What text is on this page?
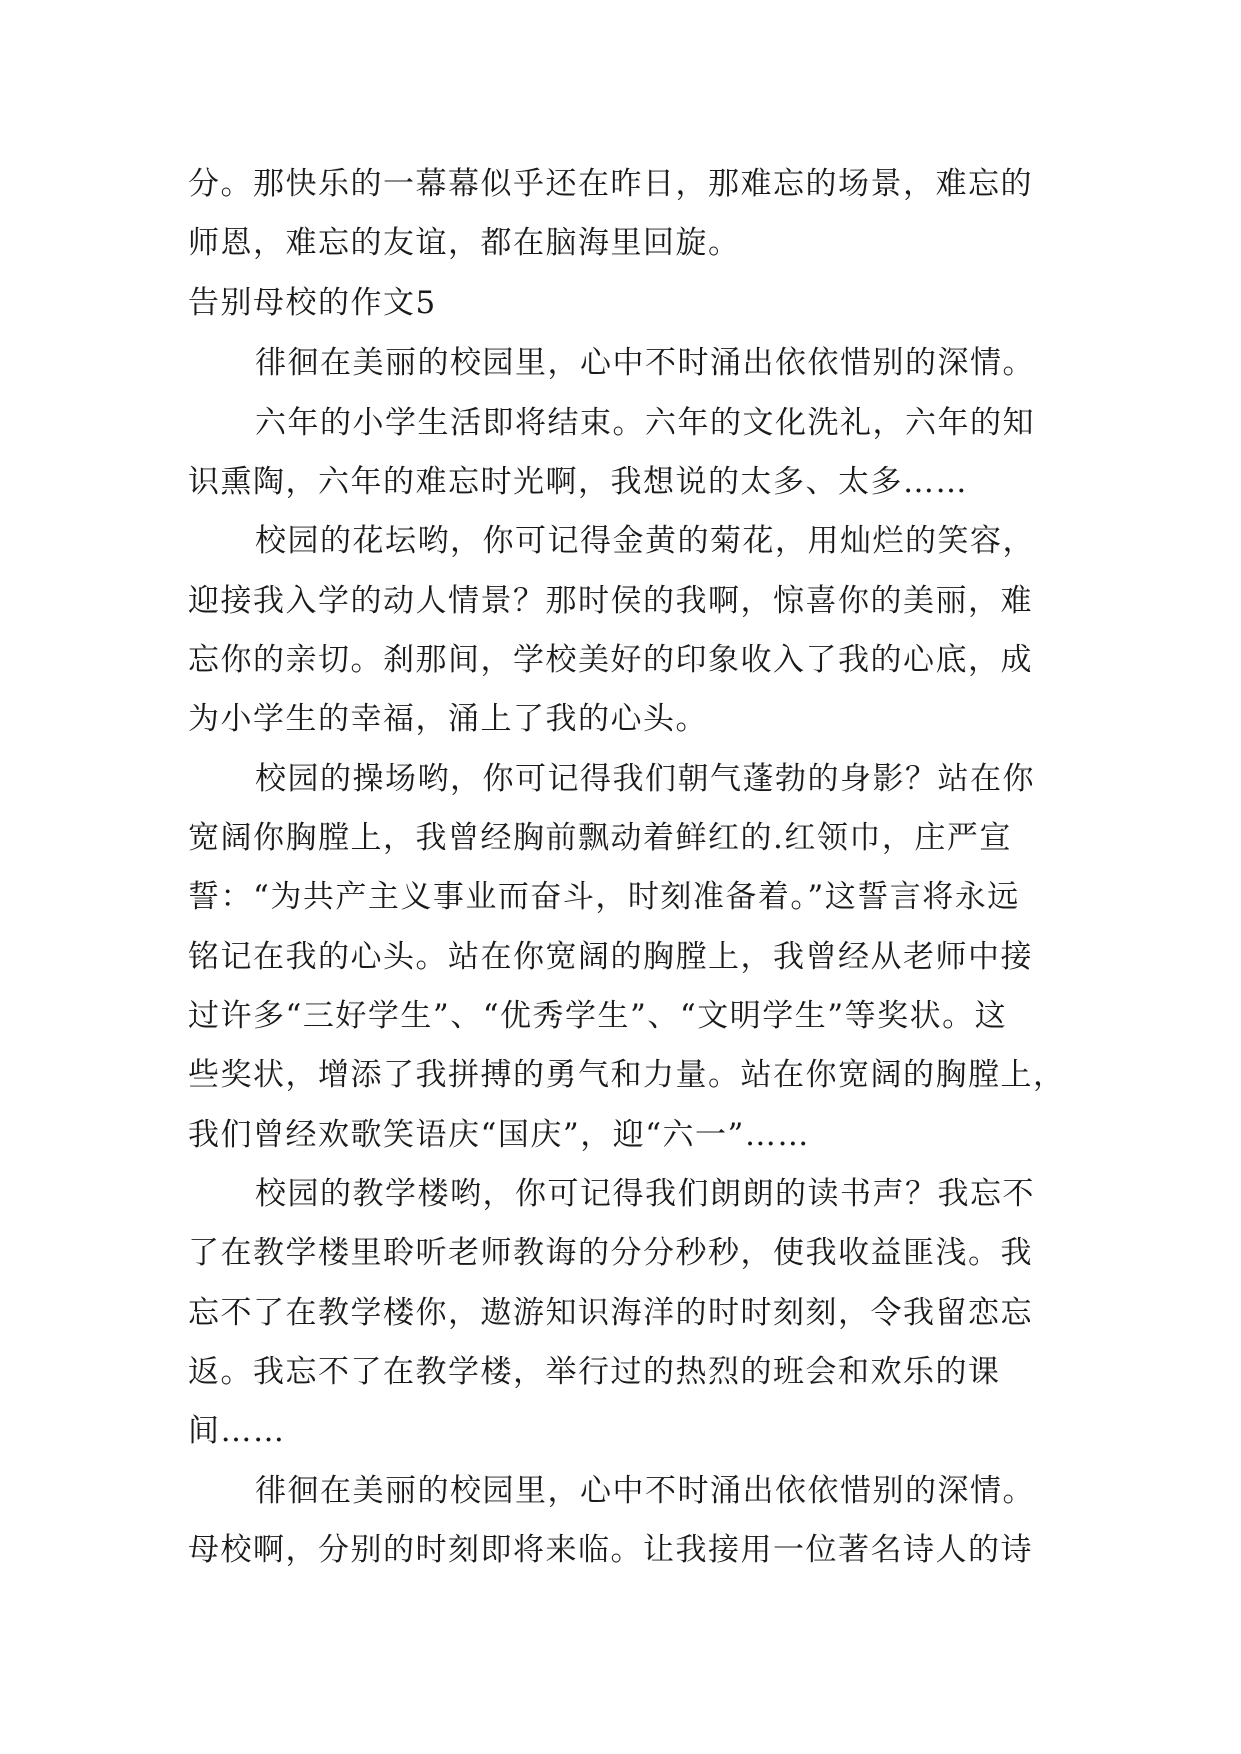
分。那快乐的一幕幕似乎还在昨日，那难忘的场景，难忘的
师恩，难忘的友谊，都在脑海里回旋。
告别母校的作文5
徘徊在美丽的校园里，心中不时涌出依依惜别的深情。
六年的小学生活即将结束。六年的文化洗礼，六年的知
识熏陶，六年的难忘时光啊，我想说的太多、太多……
校园的花坛哟，你可记得金黄的菊花，用灿烂的笑容，
迎接我入学的动人情景？那时侯的我啊，惊喜你的美丽，难
忘你的亲切。刹那间，学校美好的印象收入了我的心底，成
为小学生的幸福，涌上了我的心头。
校园的操场哟，你可记得我们朝气蓬勃的身影？站在你
宽阔你胸膛上，我曾经胸前飘动着鲜红的.红领巾，庄严宣
誓：“为共产主义事业而奋斗，时刻准备着。”这誓言将永远
铭记在我的心头。站在你宽阔的胸膛上，我曾经从老师中接
过许多“三好学生”、“优秀学生”、“文明学生”等奖状。这
些奖状，增添了我拼搏的勇气和力量。站在你宽阔的胸膛上，
我们曾经欢歌笑语庆“国庆”，迎“六一”……
校园的教学楼哟，你可记得我们朗朗的读书声？我忘不
了在教学楼里聆听老师教诲的分分秒秒，使我收益匪浅。我
忘不了在教学楼你，遨游知识海洋的时时刻刻，令我留恋忘
返。我忘不了在教学楼，举行过的热烈的班会和欢乐的课
间……
徘徊在美丽的校园里，心中不时涌出依依惜别的深情。
母校啊，分别的时刻即将来临。让我接用一位著名诗人的诗
